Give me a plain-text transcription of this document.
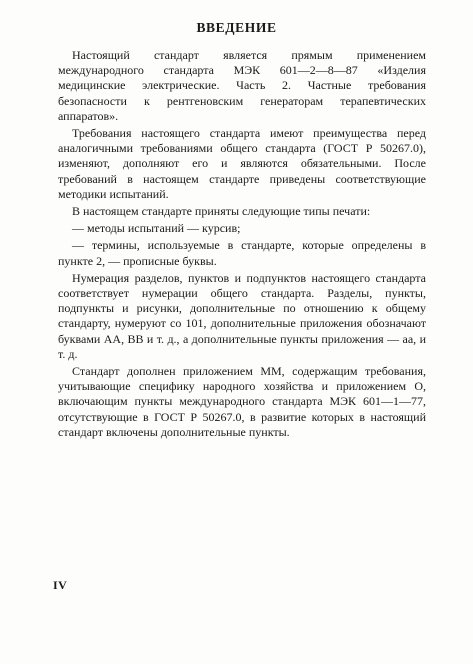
ВВЕДЕНИЕ

Настоящий стандарт является прямым применением международного стандарта МЭК 601—2—8—87 «Изделия медицинские электрические. Часть 2. Частные требования безопасности к рентгеновским генераторам терапевтических аппаратов».

Требования настоящего стандарта имеют преимущества перед аналогичными требованиями общего стандарта (ГОСТ Р 50267.0), изменяют, дополняют его и являются обязательными. После требований в настоящем стандарте приведены соответствующие методики испытаний.

В настоящем стандарте приняты следующие типы печати:

— методы испытаний — курсив;

— термины, используемые в стандарте, которые определены в пункте 2, — прописные буквы.

Нумерация разделов, пунктов и подпунктов настоящего стандарта соответствует нумерации общего стандарта. Разделы, пункты, подпункты и рисунки, дополнительные по отношению к общему стандарту, нумеруют со 101, дополнительные приложения обозначают буквами АА, ВВ и т. д., а дополнительные пункты приложения — аа, и т. д.

Стандарт дополнен приложением ММ, содержащим требования, учитывающие специфику народного хозяйства и приложением О, включающим пункты международного стандарта МЭК 601—1—77, отсутствующие в ГОСТ Р 50267.0, в развитие которых в настоящий стандарт включены дополнительные пункты.

IV
